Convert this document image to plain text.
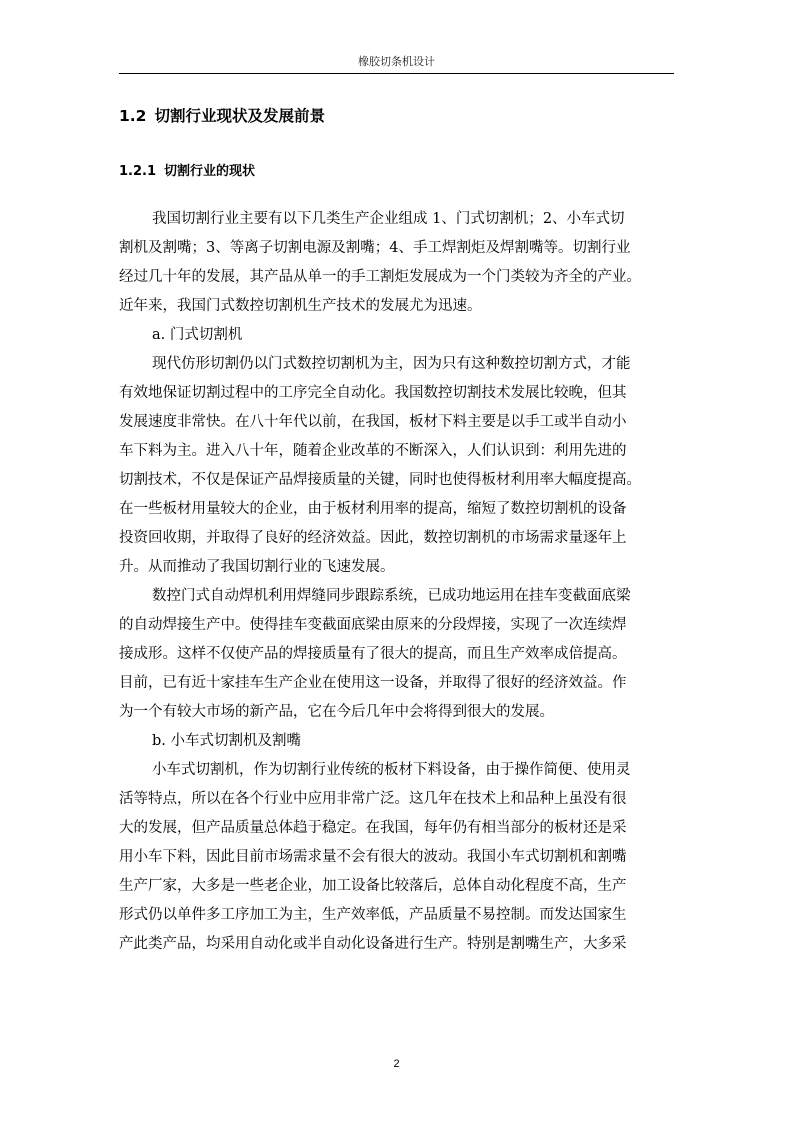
橡胶切条机设计
1.2 切割行业现状及发展前景
1.2.1 切割行业的现状
我国切割行业主要有以下几类生产企业组成 1、门式切割机；2、小车式切
割机及割嘴；3、等离子切割电源及割嘴；4、手工焊割炬及焊割嘴等。切割行业
经过几十年的发展，其产品从单一的手工割炬发展成为一个门类较为齐全的产业。
近年来，我国门式数控切割机生产技术的发展尤为迅速。
a. 门式切割机
现代仿形切割仍以门式数控切割机为主，因为只有这种数控切割方式，才能
有效地保证切割过程中的工序完全自动化。我国数控切割技术发展比较晚，但其
发展速度非常快。在八十年代以前，在我国，板材下料主要是以手工或半自动小
车下料为主。进入八十年，随着企业改革的不断深入，人们认识到：利用先进的
切割技术，不仅是保证产品焊接质量的关键，同时也使得板材利用率大幅度提高。
在一些板材用量较大的企业，由于板材利用率的提高，缩短了数控切割机的设备
投资回收期，并取得了良好的经济效益。因此，数控切割机的市场需求量逐年上
升。从而推动了我国切割行业的飞速发展。
数控门式自动焊机利用焊缝同步跟踪系统，已成功地运用在挂车变截面底梁
的自动焊接生产中。使得挂车变截面底梁由原来的分段焊接，实现了一次连续焊
接成形。这样不仅使产品的焊接质量有了很大的提高，而且生产效率成倍提高。
目前，已有近十家挂车生产企业在使用这一设备，并取得了很好的经济效益。作
为一个有较大市场的新产品，它在今后几年中会将得到很大的发展。
b. 小车式切割机及割嘴
小车式切割机，作为切割行业传统的板材下料设备，由于操作简便、使用灵
活等特点，所以在各个行业中应用非常广泛。这几年在技术上和品种上虽没有很
大的发展，但产品质量总体趋于稳定。在我国，每年仍有相当部分的板材还是采
用小车下料，因此目前市场需求量不会有很大的波动。我国小车式切割机和割嘴
生产厂家，大多是一些老企业，加工设备比较落后，总体自动化程度不高，生产
形式仍以单件多工序加工为主，生产效率低，产品质量不易控制。而发达国家生
产此类产品，均采用自动化或半自动化设备进行生产。特别是割嘴生产，大多采
2
